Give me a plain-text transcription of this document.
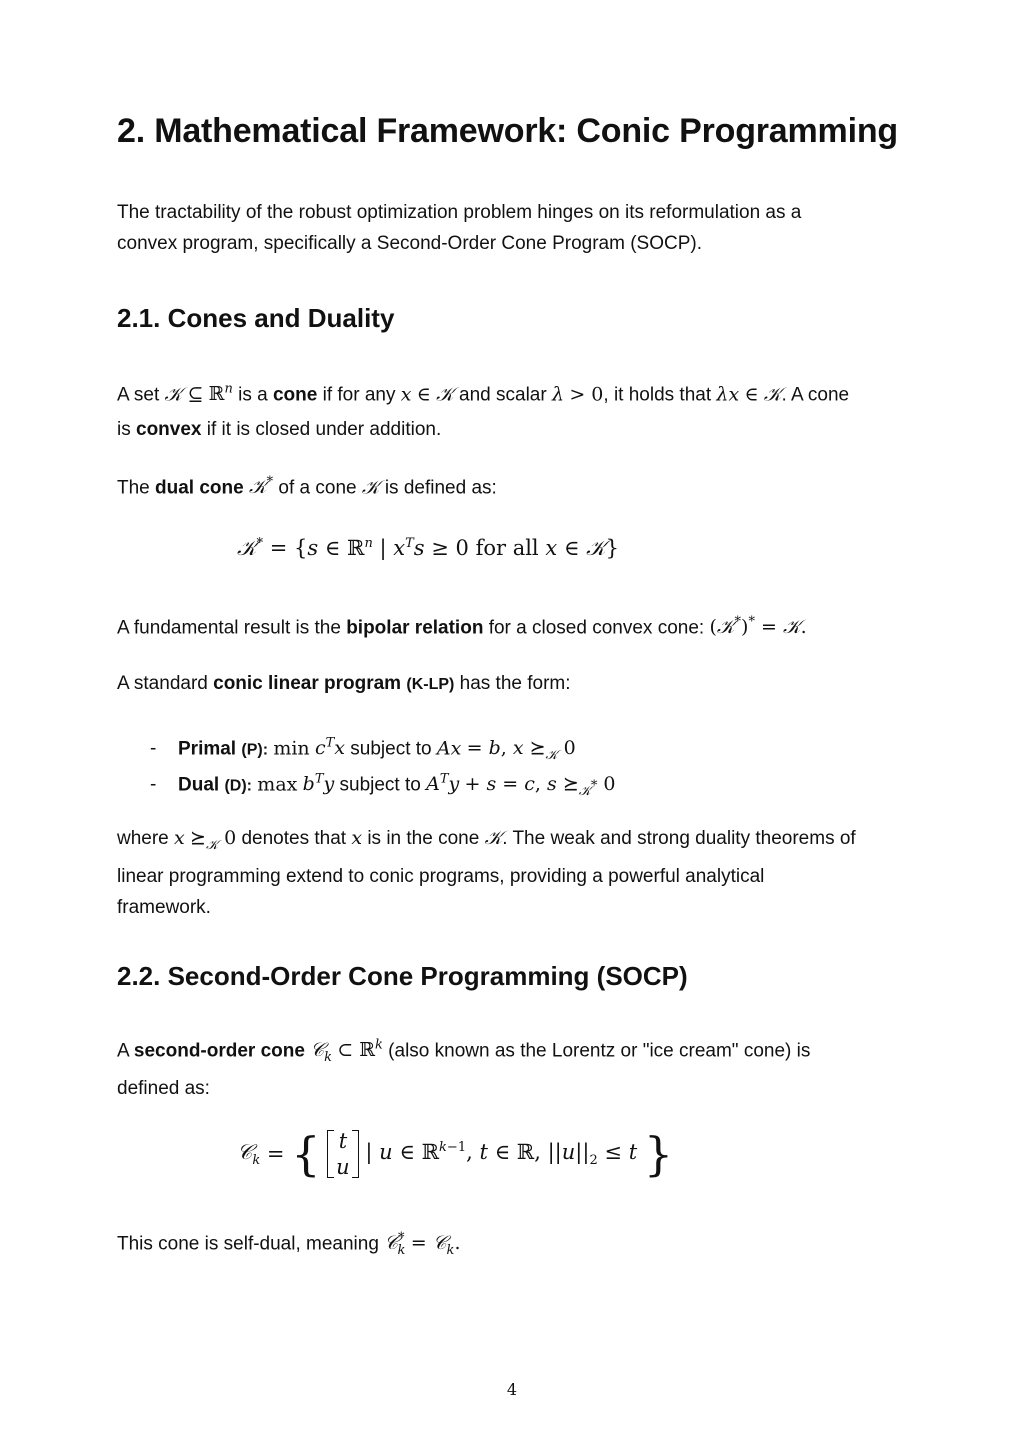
2. Mathematical Framework: Conic Programming

The tractability of the robust optimization problem hinges on its reformulation as a
convex program, specifically a Second-Order Cone Program (SOCP).

2.1. Cones and Duality

A set 𝒦 ⊆ ℝ$^n$ is a cone if for any x ∈ 𝒦 and scalar λ > 0, it holds that λx ∈ 𝒦. A cone
is convex if it is closed under addition.

The dual cone 𝒦* of a cone 𝒦 is defined as:

𝒦* = {s ∈ ℝ$^n$ | $x^Ts \ge 0$ for all x ∈ 𝒦}

A fundamental result is the bipolar relation for a closed convex cone: (𝒦*)* = 𝒦.

A standard conic linear program (K-LP) has the form:

- Primal (P): $\min c^Tx$ subject to Ax = b, x $⪰_𝒦$ 0
- Dual (D): $\max b^Ty$ subject to $A^Ty + s = c$, s $⪰_{𝒦^*}$ 0

where x $⪰_𝒦$ 0 denotes that x is in the cone 𝒦. The weak and strong duality theorems of
linear programming extend to conic programs, providing a powerful analytical
framework.

2.2. Second-Order Cone Programming (SOCP)

A second-order cone 𝒞$_k$ ⊂ ℝ$^k$ (also known as the Lorentz or "ice cream" cone) is
defined as:

𝒞$_k$ = { t
u
| u ∈ ℝ$^{k-1}$, t ∈ ℝ, $||u||_2 \le t$ }

This cone is self-dual, meaning 𝒞*$_k$ = 𝒞$_k$.

4
